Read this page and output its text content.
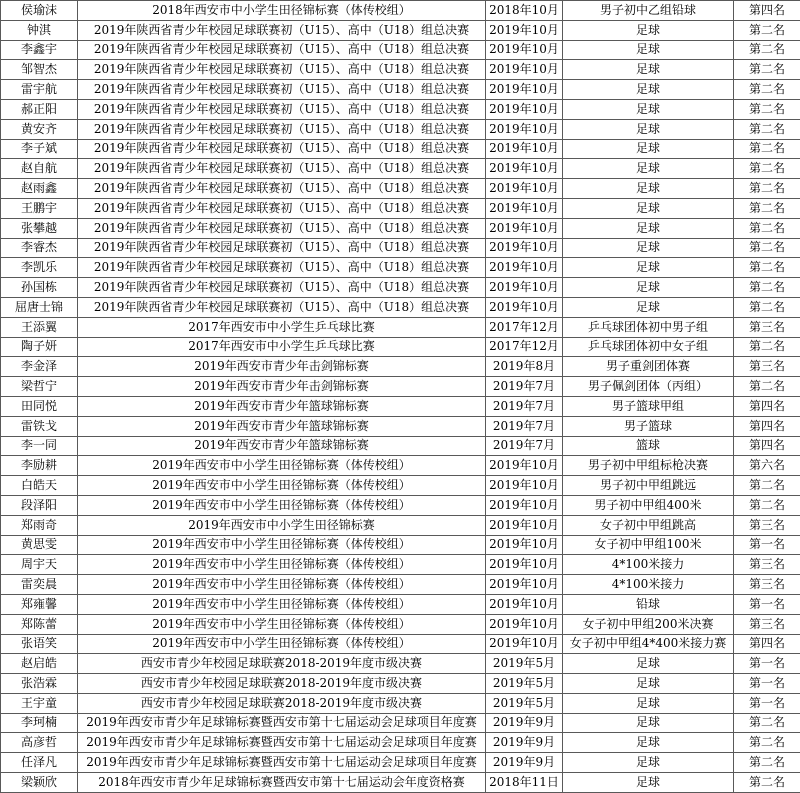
侯瑜沫	2018年西安市中小学生田径锦标赛（体传校组）	2018年10月	男子初中乙组铅球	第四名
钟淇	2019年陕西省青少年校园足球联赛初（U15）、高中（U18）组总决赛	2019年10月	足球	第二名
李鑫宇	2019年陕西省青少年校园足球联赛初（U15）、高中（U18）组总决赛	2019年10月	足球	第二名
邹智杰	2019年陕西省青少年校园足球联赛初（U15）、高中（U18）组总决赛	2019年10月	足球	第二名
雷宇航	2019年陕西省青少年校园足球联赛初（U15）、高中（U18）组总决赛	2019年10月	足球	第二名
郝正阳	2019年陕西省青少年校园足球联赛初（U15）、高中（U18）组总决赛	2019年10月	足球	第二名
黄安齐	2019年陕西省青少年校园足球联赛初（U15）、高中（U18）组总决赛	2019年10月	足球	第二名
李子斌	2019年陕西省青少年校园足球联赛初（U15）、高中（U18）组总决赛	2019年10月	足球	第二名
赵自航	2019年陕西省青少年校园足球联赛初（U15）、高中（U18）组总决赛	2019年10月	足球	第二名
赵雨鑫	2019年陕西省青少年校园足球联赛初（U15）、高中（U18）组总决赛	2019年10月	足球	第二名
王鹏宇	2019年陕西省青少年校园足球联赛初（U15）、高中（U18）组总决赛	2019年10月	足球	第二名
张攀越	2019年陕西省青少年校园足球联赛初（U15）、高中（U18）组总决赛	2019年10月	足球	第二名
李睿杰	2019年陕西省青少年校园足球联赛初（U15）、高中（U18）组总决赛	2019年10月	足球	第二名
李凯乐	2019年陕西省青少年校园足球联赛初（U15）、高中（U18）组总决赛	2019年10月	足球	第二名
孙国栋	2019年陕西省青少年校园足球联赛初（U15）、高中（U18）组总决赛	2019年10月	足球	第二名
屈唐士锦	2019年陕西省青少年校园足球联赛初（U15）、高中（U18）组总决赛	2019年10月	足球	第二名
王添翼	2017年西安市中小学生乒乓球比赛	2017年12月	乒乓球团体初中男子组	第三名
陶子妍	2017年西安市中小学生乒乓球比赛	2017年12月	乒乓球团体初中女子组	第二名
李金泽	2019年西安市青少年击剑锦标赛	2019年8月	男子重剑团体赛	第三名
梁哲宁	2019年西安市青少年击剑锦标赛	2019年7月	男子佩剑团体（丙组）	第二名
田同悦	2019年西安市青少年篮球锦标赛	2019年7月	男子篮球甲组	第四名
雷铁戈	2019年西安市青少年篮球锦标赛	2019年7月	男子篮球	第四名
李一同	2019年西安市青少年篮球锦标赛	2019年7月	篮球	第四名
李励耕	2019年西安市中小学生田径锦标赛（体传校组）	2019年10月	男子初中甲组标枪决赛	第六名
白皓天	2019年西安市中小学生田径锦标赛（体传校组）	2019年10月	男子初中甲组跳远	第二名
段泽阳	2019年西安市中小学生田径锦标赛（体传校组）	2019年10月	男子初中甲组400米	第二名
郑雨奇	2019年西安市中小学生田径锦标赛	2019年10月	女子初中甲组跳高	第三名
黄思雯	2019年西安市中小学生田径锦标赛（体传校组）	2019年10月	女子初中甲组100米	第一名
周宇天	2019年西安市中小学生田径锦标赛（体传校组）	2019年10月	4*100米接力	第三名
雷奕晨	2019年西安市中小学生田径锦标赛（体传校组）	2019年10月	4*100米接力	第三名
郑雍馨	2019年西安市中小学生田径锦标赛（体传校组）	2019年10月	铅球	第一名
郑陈蕾	2019年西安市中小学生田径锦标赛（体传校组）	2019年10月	女子初中甲组200米决赛	第三名
张语笑	2019年西安市中小学生田径锦标赛（体传校组）	2019年10月	女子初中甲组4*400米接力赛	第四名
赵启皓	西安市青少年校园足球联赛2018-2019年度市级决赛	2019年5月	足球	第一名
张浩霖	西安市青少年校园足球联赛2018-2019年度市级决赛	2019年5月	足球	第一名
王宇童	西安市青少年校园足球联赛2018-2019年度市级决赛	2019年5月	足球	第一名
李珂楠	2019年西安市青少年足球锦标赛暨西安市第十七届运动会足球项目年度赛	2019年9月	足球	第二名
高彦哲	2019年西安市青少年足球锦标赛暨西安市第十七届运动会足球项目年度赛	2019年9月	足球	第二名
任泽凡	2019年西安市青少年足球锦标赛暨西安市第十七届运动会足球项目年度赛	2019年9月	足球	第二名
梁颖欣	2018年西安市青少年足球锦标赛暨西安市第十七届运动会年度资格赛	2018年11日	足球	第二名
